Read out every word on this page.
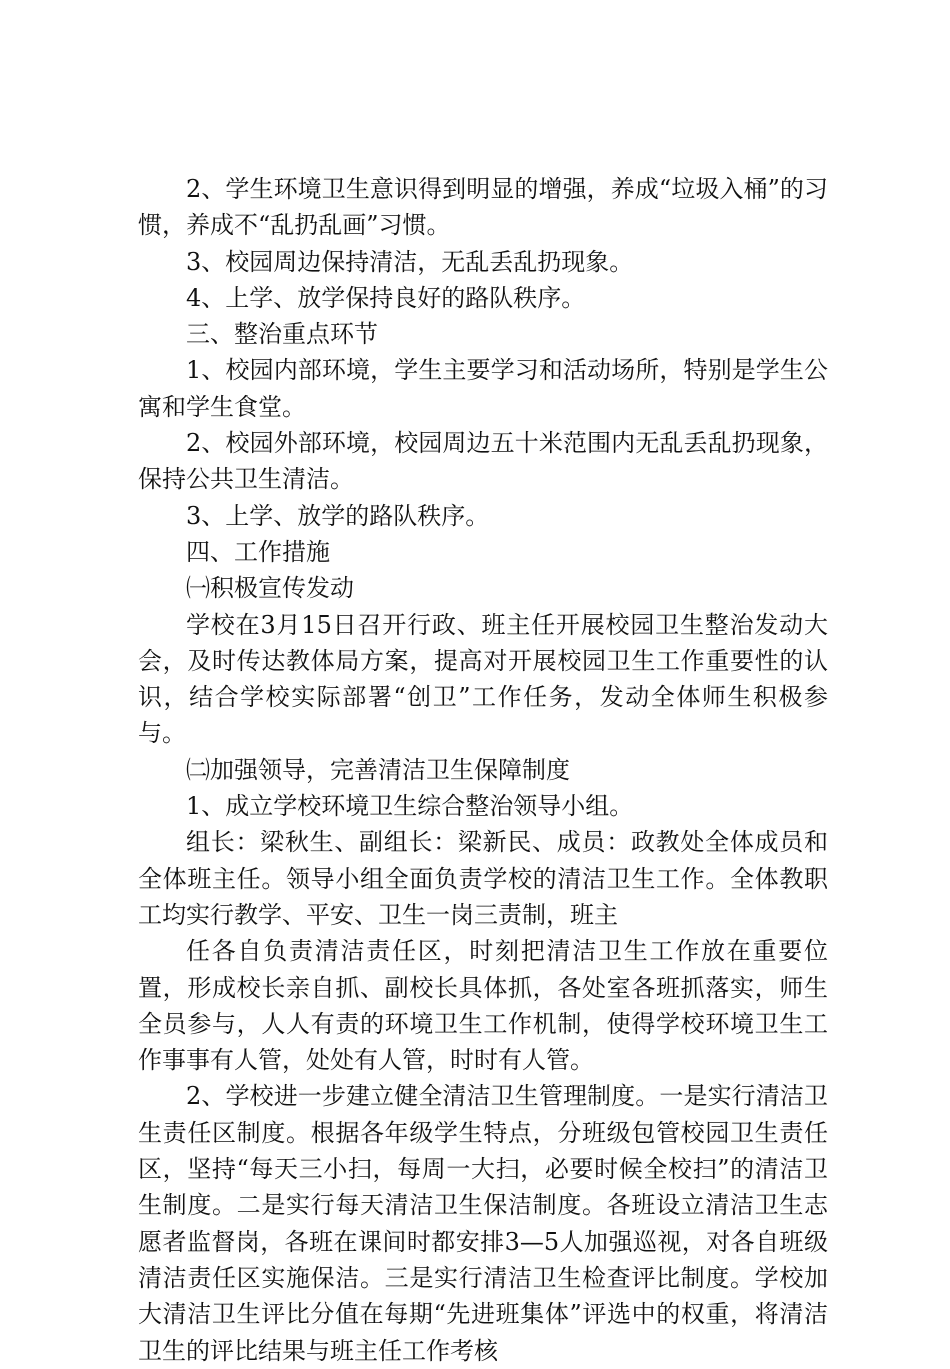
2、学生环境卫生意识得到明显的增强，养成“垃圾入桶”的习惯，养成不“乱扔乱画”习惯。

3、校园周边保持清洁，无乱丢乱扔现象。

4、上学、放学保持良好的路队秩序。

三、整治重点环节

1、校园内部环境，学生主要学习和活动场所，特别是学生公寓和学生食堂。

2、校园外部环境，校园周边五十米范围内无乱丢乱扔现象，保持公共卫生清洁。

3、上学、放学的路队秩序。

四、工作措施

㈠积极宣传发动

学校在3月15日召开行政、班主任开展校园卫生整治发动大会，及时传达教体局方案，提高对开展校园卫生工作重要性的认识，结合学校实际部署“创卫”工作任务，发动全体师生积极参与。

㈡加强领导，完善清洁卫生保障制度

1、成立学校环境卫生综合整治领导小组。

组长：梁秋生、副组长：梁新民、成员：政教处全体成员和全体班主任。领导小组全面负责学校的清洁卫生工作。全体教职工均实行教学、平安、卫生一岗三责制，班主

任各自负责清洁责任区，时刻把清洁卫生工作放在重要位置，形成校长亲自抓、副校长具体抓，各处室各班抓落实，师生全员参与，人人有责的环境卫生工作机制，使得学校环境卫生工作事事有人管，处处有人管，时时有人管。

2、学校进一步建立健全清洁卫生管理制度。一是实行清洁卫生责任区制度。根据各年级学生特点，分班级包管校园卫生责任区，坚持“每天三小扫，每周一大扫，必要时候全校扫”的清洁卫生制度。二是实行每天清洁卫生保洁制度。各班设立清洁卫生志愿者监督岗，各班在课间时都安排3—5人加强巡视，对各自班级清洁责任区实施保洁。三是实行清洁卫生检查评比制度。学校加大清洁卫生评比分值在每期“先进班集体”评选中的权重，将清洁卫生的评比结果与班主任工作考核
